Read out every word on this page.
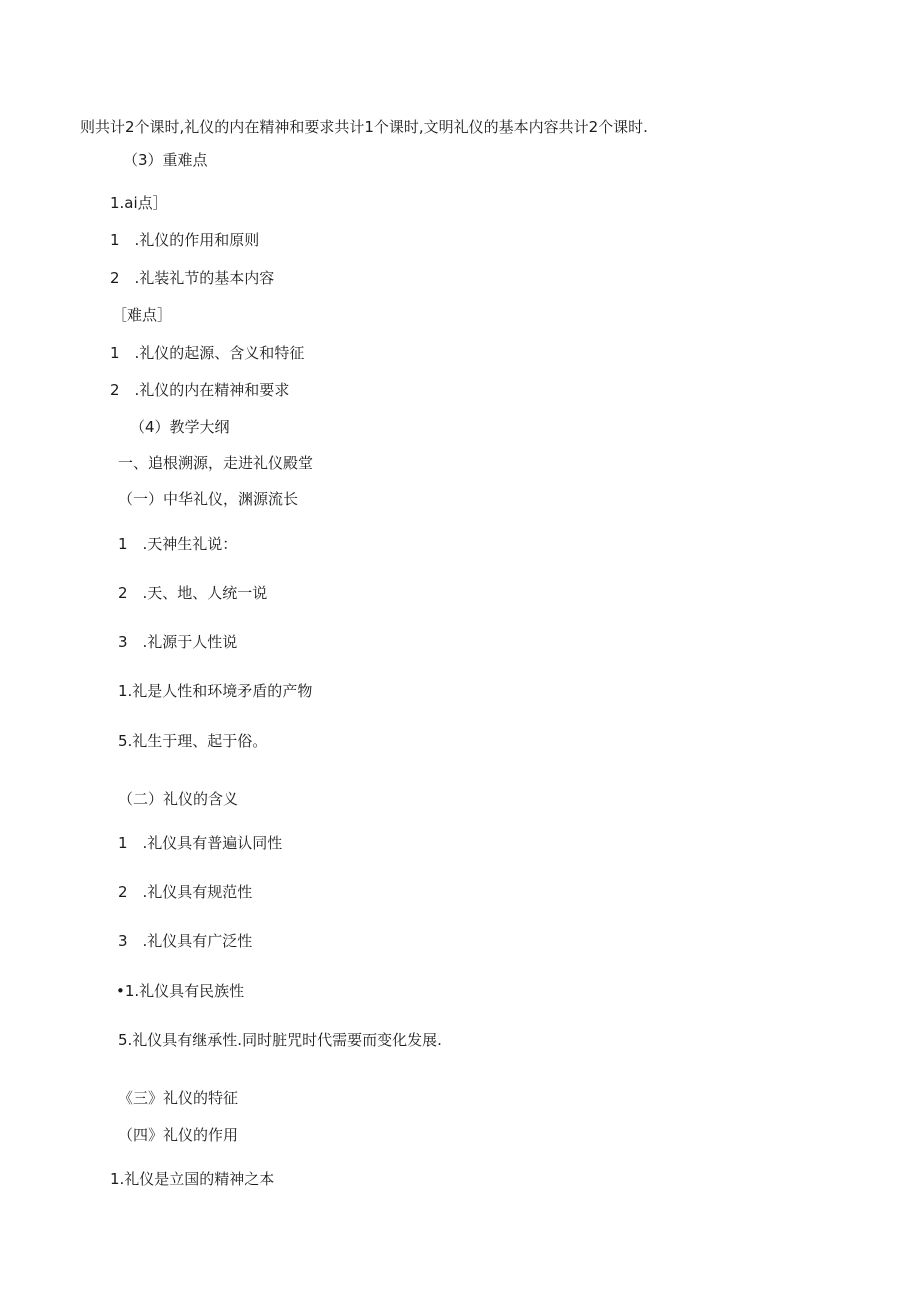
则共计2个课时,礼仪的内在精神和要求共计1个课时,文明礼仪的基本内容共计2个课时.
（3）重难点
1.ai点］
1　.礼仪的作用和原则
2　.礼装礼节的基本内容
［难点］
1　.礼仪的起源、含义和特征
2　.礼仪的内在精神和要求
（4）教学大纲
一、追根溯源，走进礼仪殿堂
（一）中华礼仪，渊源流长
1　.天神生礼说：
2　.天、地、人统一说
3　.礼源于人性说
1.礼是人性和环境矛盾的产物
5.礼生于理、起于俗。
（二）礼仪的含义
1　.礼仪具有普遍认同性
2　.礼仪具有规范性
3　.礼仪具有广泛性
•1.礼仪具有民族性
5.礼仪具有继承性.同时脏咒时代需要而变化发展.
《三》礼仪的特征
（四》礼仪的作用
1.礼仪是立国的精神之本
